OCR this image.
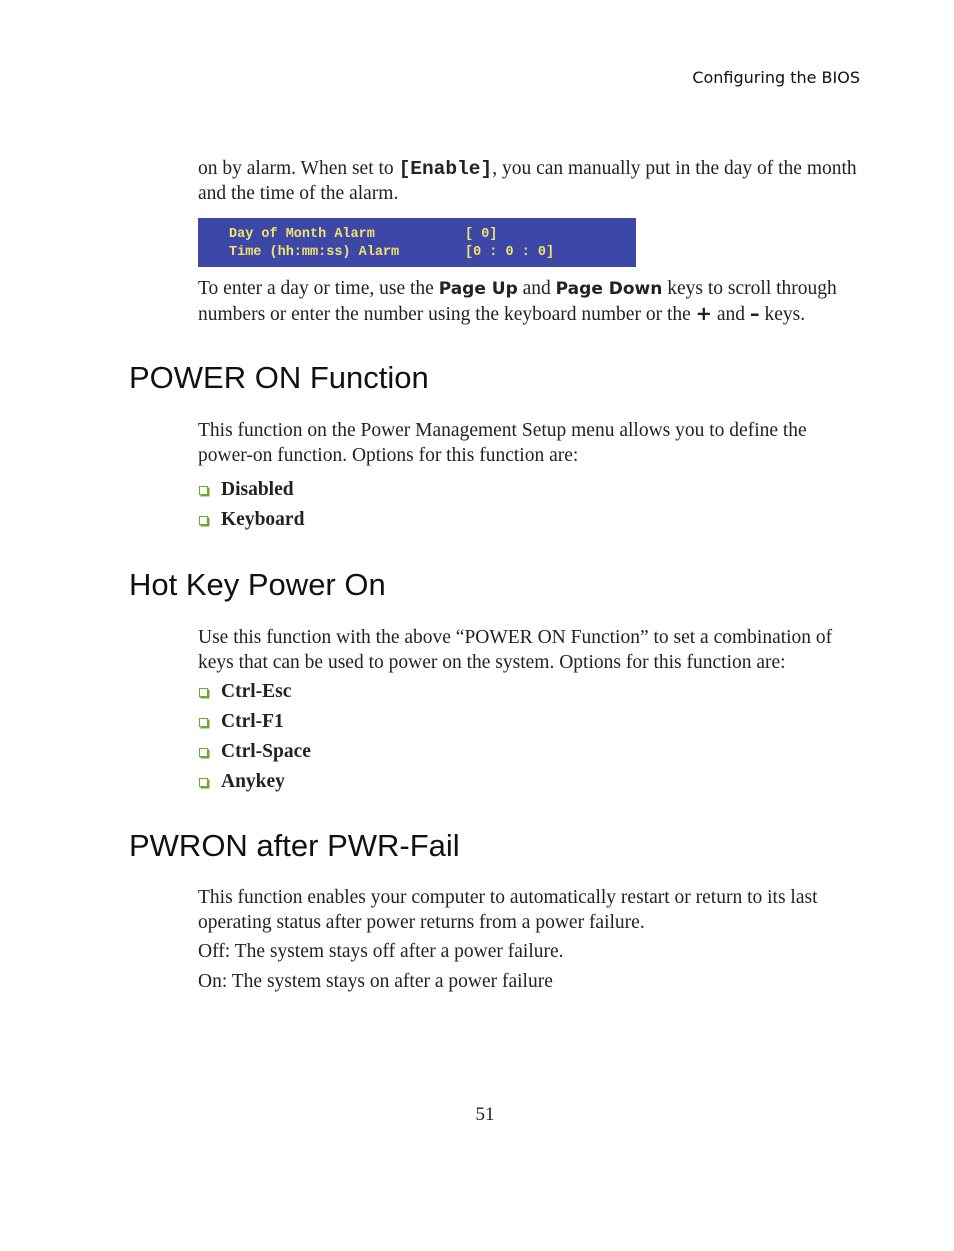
Configuring the BIOS

on by alarm. When set to [Enable], you can manually put in the day of the month and the time of the alarm.

Day of Month Alarm	[ 0]
Time (hh:mm:ss) Alarm	[0 : 0 : 0]

To enter a day or time, use the Page Up and Page Down keys to scroll through numbers or enter the number using the keyboard number or the + and – keys.

POWER ON Function

This function on the Power Management Setup menu allows you to define the power-on function. Options for this function are:

Disabled
Keyboard
Hot Key Power On

Use this function with the above “POWER ON Function” to set a combination of keys that can be used to power on the system. Options for this function are:

Ctrl-Esc
Ctrl-F1
Ctrl-Space
Anykey
PWRON after PWR-Fail

This function enables your computer to automatically restart or return to its last operating status after power returns from a power failure.

Off: The system stays off after a power failure.

On: The system stays on after a power failure

51
